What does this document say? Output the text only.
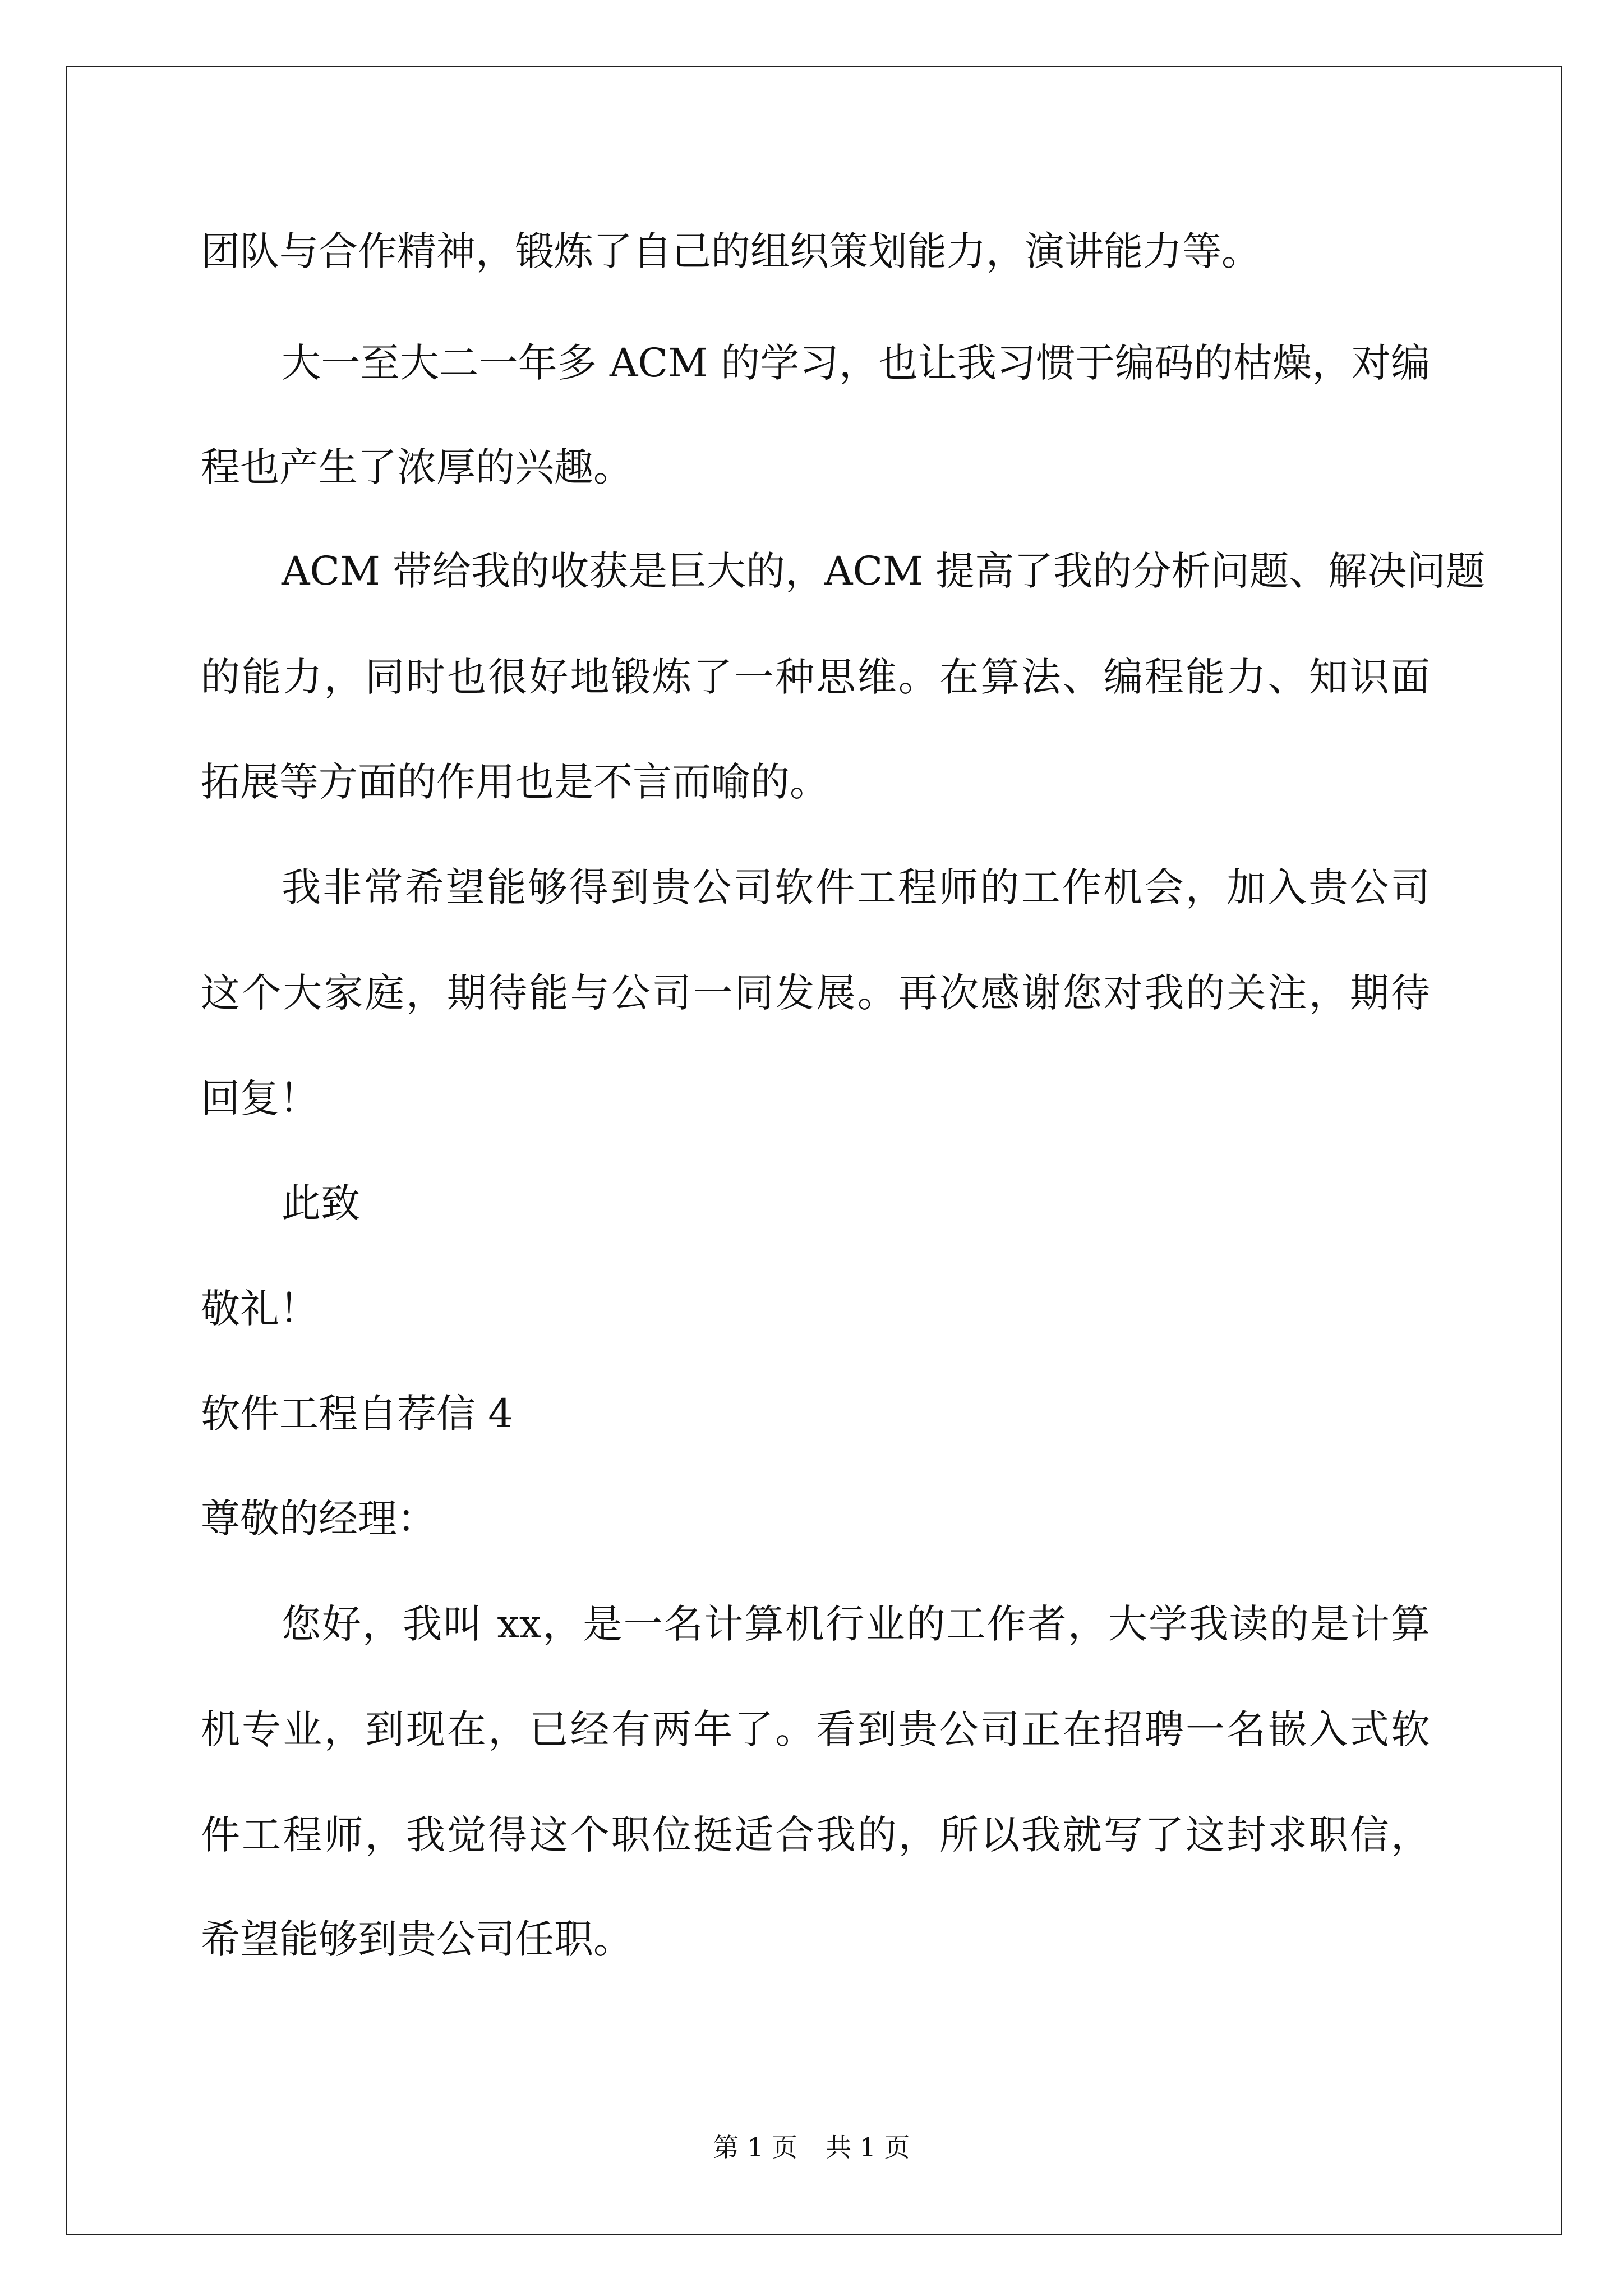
团队与合作精神，锻炼了自己的组织策划能力，演讲能力等。
大一至大二一年多 ACM 的学习，也让我习惯于编码的枯燥，对编
程也产生了浓厚的兴趣。
ACM 带给我的收获是巨大的，ACM 提高了我的分析问题、解决问题
的能力，同时也很好地锻炼了一种思维。在算法、编程能力、知识面
拓展等方面的作用也是不言而喻的。
我非常希望能够得到贵公司软件工程师的工作机会，加入贵公司
这个大家庭，期待能与公司一同发展。再次感谢您对我的关注，期待
回复！
此致
敬礼！
软件工程自荐信 4
尊敬的经理：
您好，我叫 xx，是一名计算机行业的工作者，大学我读的是计算
机专业，到现在，已经有两年了。看到贵公司正在招聘一名嵌入式软
件工程师，我觉得这个职位挺适合我的，所以我就写了这封求职信，
希望能够到贵公司任职。
第 1 页 共 1 页
